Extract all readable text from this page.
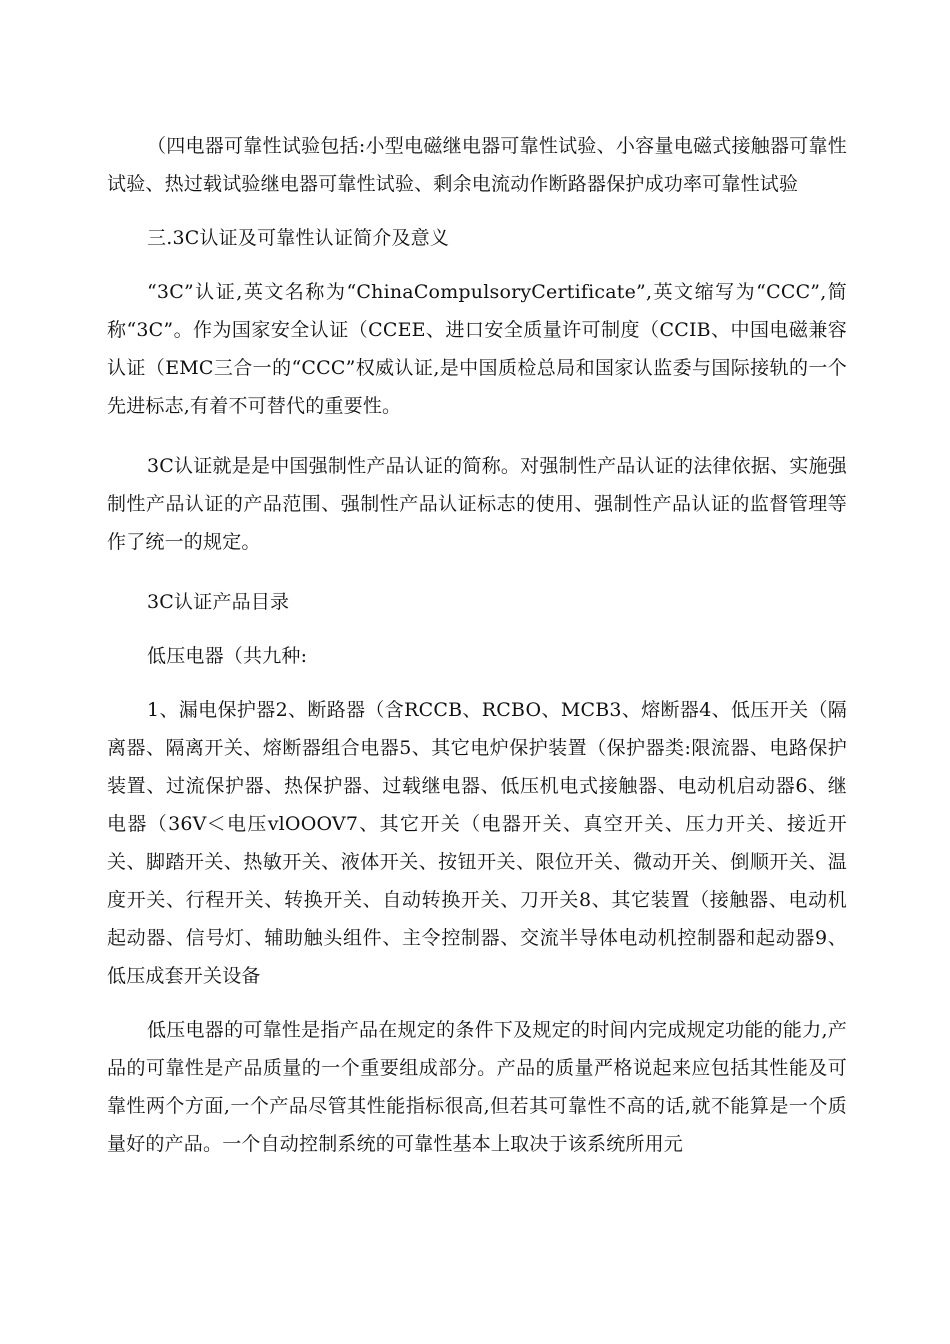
（四电器可靠性试验包括:小型电磁继电器可靠性试验、小容量电磁式接触器可靠性试验、热过载试验继电器可靠性试验、剩余电流动作断路器保护成功率可靠性试验

三.3C认证及可靠性认证简介及意义

“3C”认证,英文名称为“ChinaCompulsoryCertificate”,英文缩写为“CCC”,简称“3C”。作为国家安全认证（CCEE、进口安全质量许可制度（CCIB、中国电磁兼容认证（EMC三合一的“CCC”权威认证,是中国质检总局和国家认监委与国际接轨的一个先进标志,有着不可替代的重要性。

3C认证就是是中国强制性产品认证的简称。对强制性产品认证的法律依据、实施强制性产品认证的产品范围、强制性产品认证标志的使用、强制性产品认证的监督管理等作了统一的规定。

3C认证产品目录

低压电器（共九种:

1、漏电保护器2、断路器（含RCCB、RCBO、MCB3、熔断器4、低压开关（隔离器、隔离开关、熔断器组合电器5、其它电炉保护装置（保护器类:限流器、电路保护装置、过流保护器、热保护器、过载继电器、低压机电式接触器、电动机启动器6、继电器（36V＜电压vlOOOV7、其它开关（电器开关、真空开关、压力开关、接近开关、脚踏开关、热敏开关、液体开关、按钮开关、限位开关、微动开关、倒顺开关、温度开关、行程开关、转换开关、自动转换开关、刀开关8、其它装置（接触器、电动机起动器、信号灯、辅助触头组件、主令控制器、交流半导体电动机控制器和起动器9、低压成套开关设备

低压电器的可靠性是指产品在规定的条件下及规定的时间内完成规定功能的能力,产品的可靠性是产品质量的一个重要组成部分。产品的质量严格说起来应包括其性能及可靠性两个方面,一个产品尽管其性能指标很高,但若其可靠性不高的话,就不能算是一个质量好的产品。一个自动控制系统的可靠性基本上取决于该系统所用元
